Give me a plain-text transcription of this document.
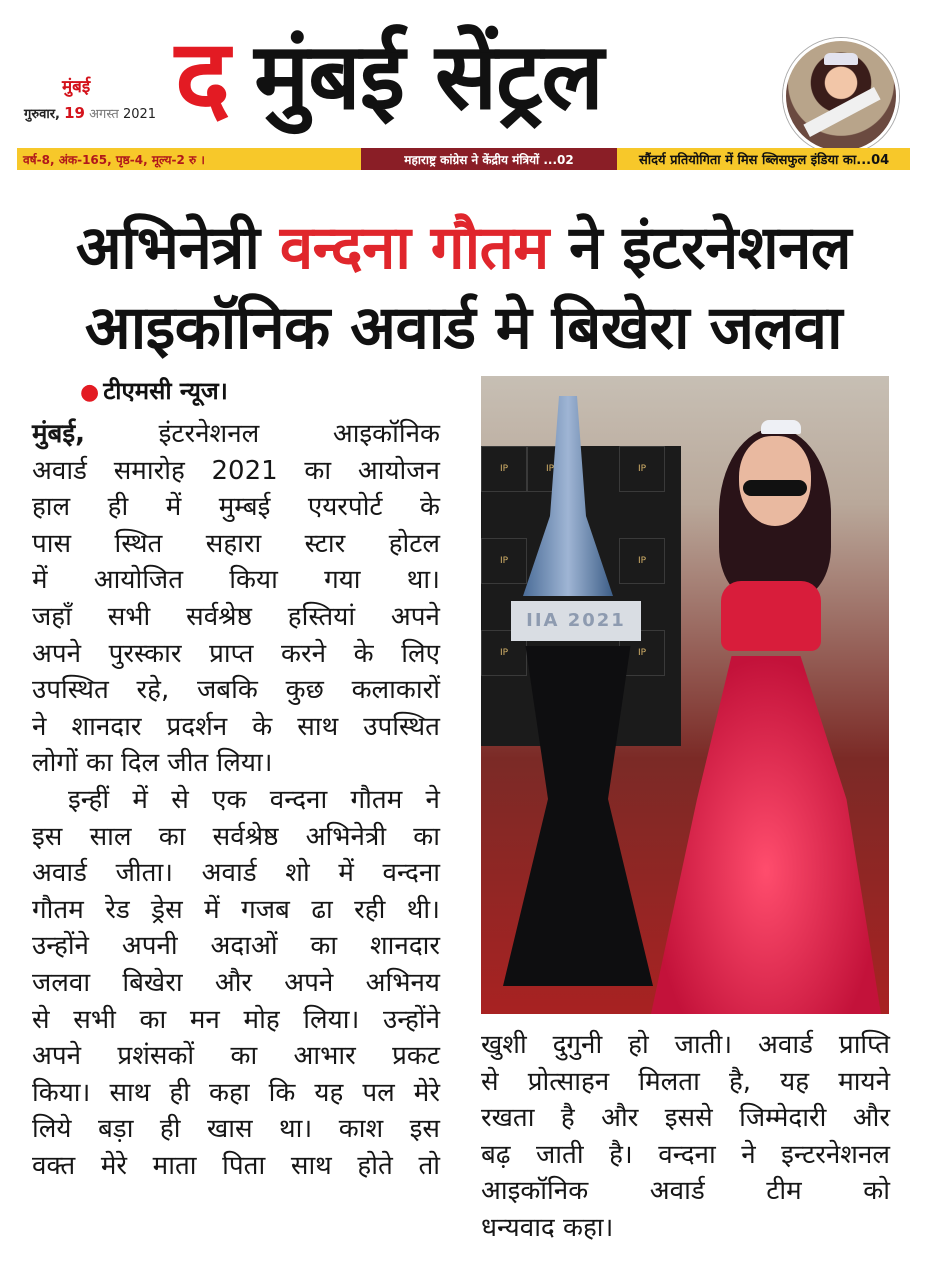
मुंबई
गुरुवार, 19 अगस्त 2021 द मुंबई सेंट्रल
वर्ष-8, अंक-165, पृष्ठ-4, मूल्य-2 रु ।	महाराष्ट्र कांग्रेस ने केंद्रीय मंत्रियों ...02	सौंदर्य प्रतियोगिता में मिस ब्लिसफुल इंडिया का...04
अभिनेत्री वन्दना गौतम ने इंटरनेशनल
आइकॉनिक अवार्ड मे बिखेरा जलवा
● टीएमसी न्यूज।
मुंबई, इंटरनेशनल आइकॉनिक
अवार्ड समारोह 2021 का आयोजन
हाल ही में मुम्बई एयरपोर्ट के
पास स्थित सहारा स्टार होटल
में आयोजित किया गया था।
जहाँ सभी सर्वश्रेष्ठ हस्तियां अपने
अपने पुरस्कार प्राप्त करने के लिए
उपस्थित रहे, जबकि कुछ कलाकारों
ने शानदार प्रदर्शन के साथ उपस्थित
लोगों का दिल जीत लिया।
इन्हीं में से एक वन्दना गौतम ने
इस साल का सर्वश्रेष्ठ अभिनेत्री का
अवार्ड जीता। अवार्ड शो में वन्दना
गौतम रेड ड्रेस में गजब ढा रही थी।
उन्होंने अपनी अदाओं का शानदार
जलवा बिखेरा और अपने अभिनय
से सभी का मन मोह लिया। उन्होंने
अपने प्रशंसकों का आभार प्रकट
किया। साथ ही कहा कि यह पल मेरे
लिये बड़ा ही खास था। काश इस
वक्त मेरे माता पिता साथ होते तो
IP	IP	IP
IP	IP
IP	IP
IIA 2021
खुशी दुगुनी हो जाती। अवार्ड प्राप्ति
से प्रोत्साहन मिलता है, यह मायने
रखता है और इससे जिम्मेदारी और
बढ़ जाती है। वन्दना ने इन्टरनेशनल
आइकॉनिक अवार्ड टीम को
धन्यवाद कहा।
